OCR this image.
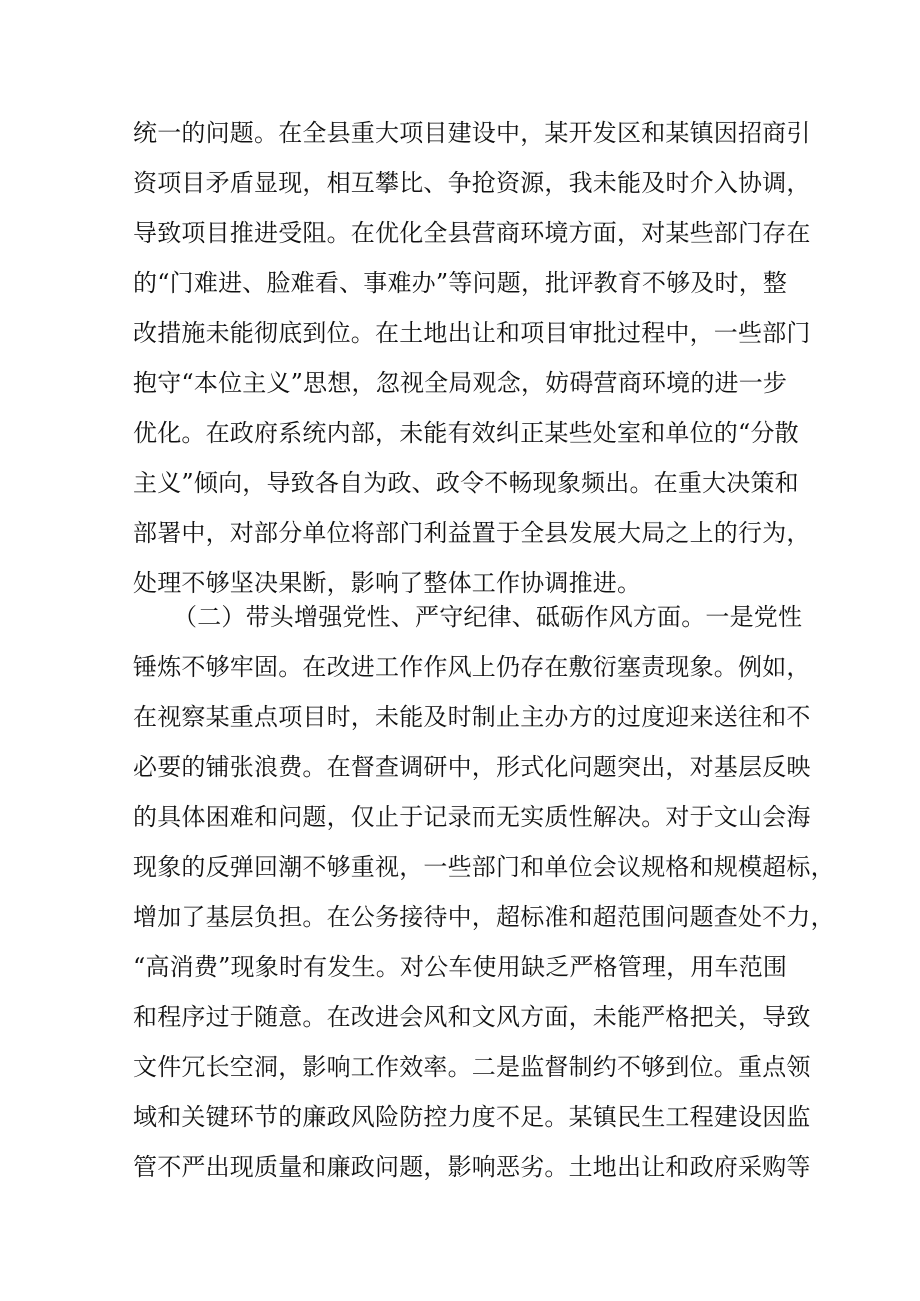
统一的问题。在全县重大项目建设中，某开发区和某镇因招商引
资项目矛盾显现，相互攀比、争抢资源，我未能及时介入协调，
导致项目推进受阻。在优化全县营商环境方面，对某些部门存在
的“门难进、脸难看、事难办”等问题，批评教育不够及时，整
改措施未能彻底到位。在土地出让和项目审批过程中，一些部门
抱守“本位主义”思想，忽视全局观念，妨碍营商环境的进一步
优化。在政府系统内部，未能有效纠正某些处室和单位的“分散
主义”倾向，导致各自为政、政令不畅现象频出。在重大决策和
部署中，对部分单位将部门利益置于全县发展大局之上的行为，
处理不够坚决果断，影响了整体工作协调推进。
（二）带头增强党性、严守纪律、砥砺作风方面。一是党性
锤炼不够牢固。在改进工作作风上仍存在敷衍塞责现象。例如，
在视察某重点项目时，未能及时制止主办方的过度迎来送往和不
必要的铺张浪费。在督查调研中，形式化问题突出，对基层反映
的具体困难和问题，仅止于记录而无实质性解决。对于文山会海
现象的反弹回潮不够重视，一些部门和单位会议规格和规模超标，
增加了基层负担。在公务接待中，超标准和超范围问题查处不力，
“高消费”现象时有发生。对公车使用缺乏严格管理，用车范围
和程序过于随意。在改进会风和文风方面，未能严格把关，导致
文件冗长空洞，影响工作效率。二是监督制约不够到位。重点领
域和关键环节的廉政风险防控力度不足。某镇民生工程建设因监
管不严出现质量和廉政问题，影响恶劣。土地出让和政府采购等
